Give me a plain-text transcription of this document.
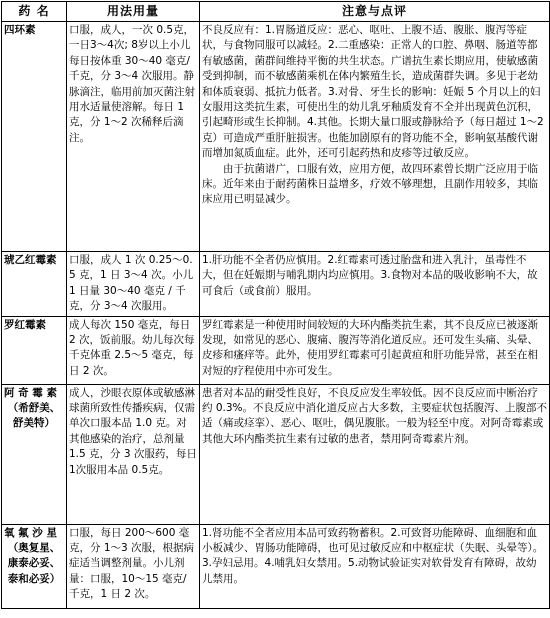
药 名	用法用量	注意与点评

四环素	口服，成人，一次 0.5克，一日3～4次; 8岁以上小儿每日按体重 30～40 毫克/千克，分 3～4 次服用。静脉滴注，临用前加灭菌注射用水适量使溶解。每日 1 克，分 1～2 次稀释后滴注。	不良反应有：1.胃肠道反应：恶心、呕吐、上腹不适、腹胀、腹泻等症状，与食物同服可以减轻。2.二重感染：正常人的口腔、鼻咽、肠道等都有敏感菌，菌群间维持平衡的共生状态。广谱抗生素长期应用，使敏感菌受到抑制，而不敏感菌乘机在体内繁殖生长，造成菌群失调。多见于老幼和体质衰弱、抵抗力低者。3.对骨、牙生长的影响：妊娠 5 个月以上的妇女服用这类抗生素，可使出生的幼儿乳牙釉质发育不全并出现黄色沉积，引起畸形或生长抑制。4.其他。长期大量口服或静脉给予（每日超过 1～2 克）可造成严重肝脏损害。也能加剧原有的肾功能不全，影响氨基酸代谢而增加氮质血症。此外，还可引起药热和皮疹等过敏反应。
由于抗菌谱广，口服有效，应用方便，故四环素曾长期广泛应用于临床。近年来由于耐药菌株日益增多，疗效不够理想，且副作用较多，其临床应用已明显减少。

琥乙红霉素	口服，成人 1 次 0.25～0.5 克，1 日 3～4 次。小儿1 日量 30～40 毫克 / 千克，分 3～4 次服用。	1.肝功能不全者仍应慎用。2.红霉素可透过胎盘和进入乳汁，虽毒性不大，但在妊娠期与哺乳期内均应慎用。3.食物对本品的吸收影响不大，故可食后（或食前）服用。

罗红霉素	成人每次 150 毫克，每日 2 次，饭前服。幼儿每次每千克体重 2.5～5 毫克，每日 2 次。	罗红霉素是一种使用时间较短的大环内酯类抗生素，其不良反应已被逐渐发现，如常见的恶心、腹痛、腹泻等消化道反应。还可发生头痛、头晕、皮疹和瘙痒等。此外，使用罗红霉素可引起黄疸和肝功能异常，甚至在相对短的疗程使用中亦可发生。

阿 奇 霉 素
（希舒美、舒美特）	成人，沙眼衣原体或敏感淋球菌所致性传播疾病，仅需单次口服本品 1.0 克。对其他感染的治疗，总剂量 1.5 克，分 3 次服药，每日 1次服用本品 0.5克。	患者对本品的耐受性良好，不良反应发生率较低。因不良反应而中断治疗约 0.3%。不良反应中消化道反应占大多数，主要症状包括腹泻、上腹部不适（痛或痉挛）、恶心、呕吐，偶见腹胀。一般为轻至中度。对阿奇霉素或其他大环内酯类抗生素有过敏的患者，禁用阿奇霉素片剂。

氧 氟 沙 星
（奥复星、康泰必妥、泰和必妥）	口服，每日 200～600 毫克，分 1～3 次服，根据病症适当调整剂量。小儿剂量：口服，10～15 毫克/千克，1 日 2 次。	1.肾功能不全者应用本品可致药物蓄积。2.可致肾功能障碍、血细胞和血小板减少、胃肠功能障碍，也可见过敏反应和中枢症状（失眠、头晕等）。3.孕妇忌用。4.哺乳妇女禁用。5.动物试验证实对软骨发育有障碍，故幼儿禁用。
